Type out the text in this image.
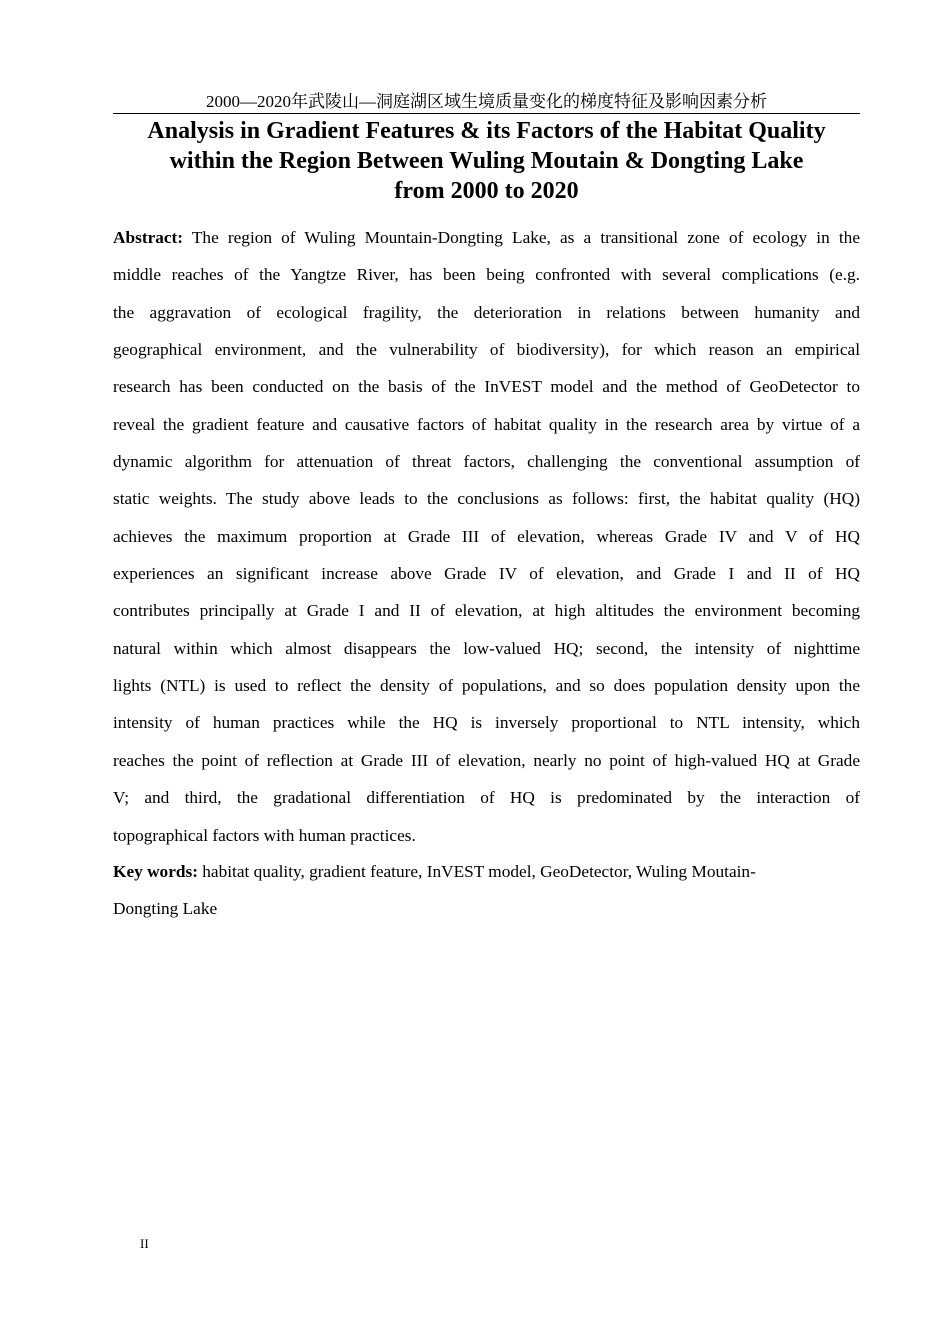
2000—2020年武陵山—洞庭湖区域生境质量变化的梯度特征及影响因素分析
Analysis in Gradient Features & its Factors of the Habitat Quality
within the Region Between Wuling Moutain & Dongting Lake
from 2000 to 2020
Abstract: The region of Wuling Mountain-Dongting Lake, as a transitional zone of ecology in the
middle reaches of the Yangtze River, has been being confronted with several complications (e.g.
the aggravation of ecological fragility, the deterioration in relations between humanity and
geographical environment, and the vulnerability of biodiversity), for which reason an empirical
research has been conducted on the basis of the InVEST model and the method of GeoDetector to
reveal the gradient feature and causative factors of habitat quality in the research area by virtue of a
dynamic algorithm for attenuation of threat factors, challenging the conventional assumption of
static weights. The study above leads to the conclusions as follows: first, the habitat quality (HQ)
achieves the maximum proportion at Grade III of elevation, whereas Grade IV and V of HQ
experiences an significant increase above Grade IV of elevation, and Grade I and II of HQ
contributes principally at Grade I and II of elevation, at high altitudes the environment becoming
natural within which almost disappears the low-valued HQ; second, the intensity of nighttime
lights (NTL) is used to reflect the density of populations, and so does population density upon the
intensity of human practices while the HQ is inversely proportional to NTL intensity, which
reaches the point of reflection at Grade III of elevation, nearly no point of high-valued HQ at Grade
V; and third, the gradational differentiation of HQ is predominated by the interaction of
topographical factors with human practices.
Key words: habitat quality, gradient feature, InVEST model, GeoDetector, Wuling Moutain-
Dongting Lake
II
